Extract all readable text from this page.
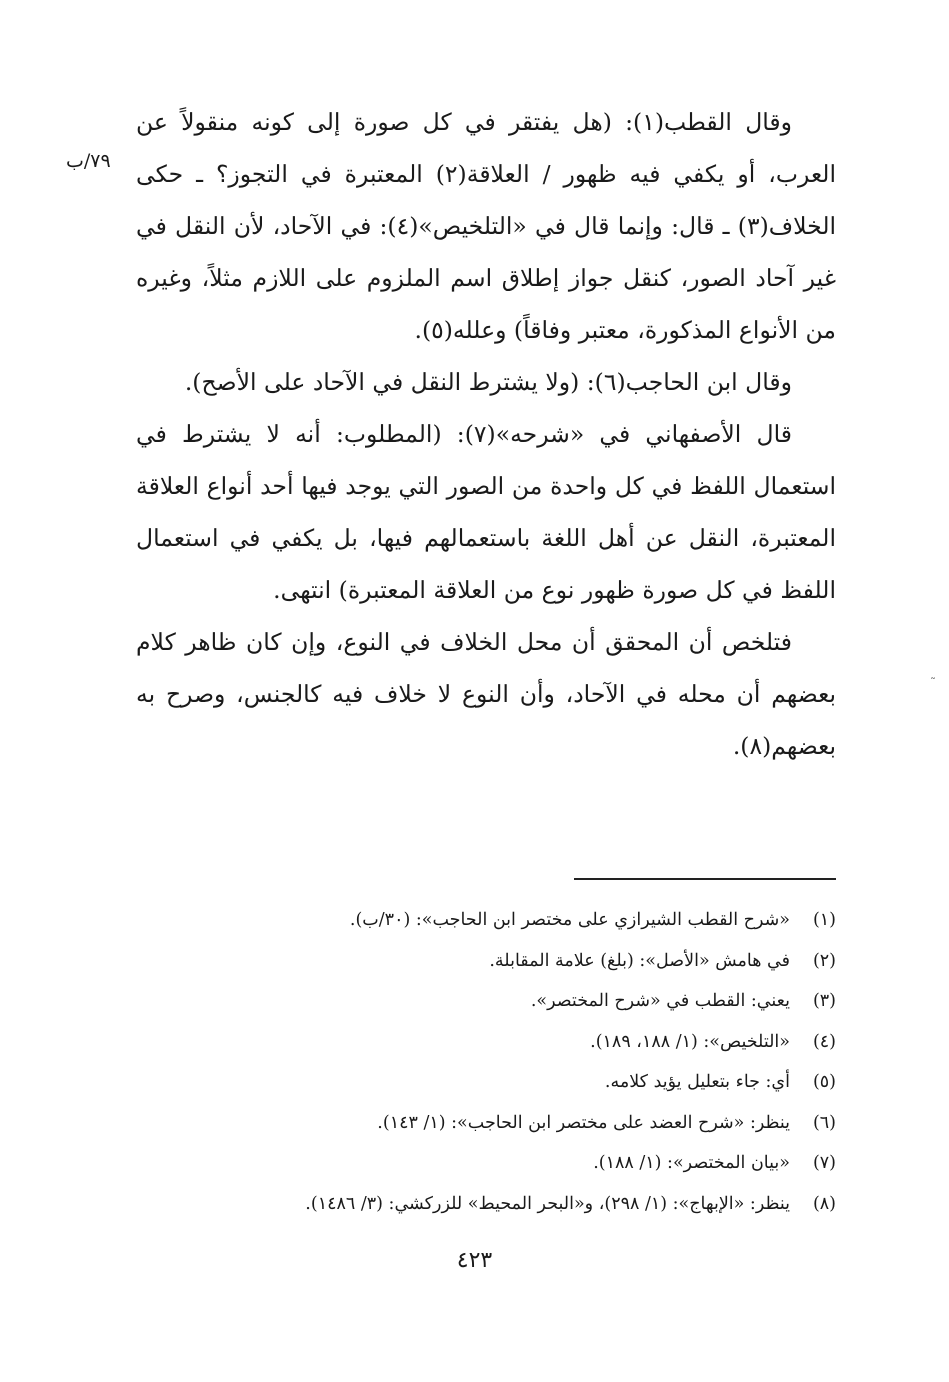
٧٩/ب

وقال القطب(١): (هل يفتقر في كل صورة إلى كونه منقولاً عن العرب، أو يكفي فيه ظهور / العلاقة(٢) المعتبرة في التجوز؟ ـ حكى الخلاف(٣) ـ قال: وإنما قال في «التلخيص»(٤): في الآحاد، لأن النقل في غير آحاد الصور، كنقل جواز إطلاق اسم الملزوم على اللازم مثلاً، وغيره من الأنواع المذكورة، معتبر وفاقاً) وعلله(٥).

وقال ابن الحاجب(٦): (ولا يشترط النقل في الآحاد على الأصح).

قال الأصفهاني في «شرحه»(٧): (المطلوب: أنه لا يشترط في استعمال اللفظ في كل واحدة من الصور التي يوجد فيها أحد أنواع العلاقة المعتبرة، النقل عن أهل اللغة باستعمالهم فيها، بل يكفي في استعمال اللفظ في كل صورة ظهور نوع من العلاقة المعتبرة) انتهى.

فتلخص أن المحقق أن محل الخلاف في النوع، وإن كان ظاهر كلام بعضهم أن محله في الآحاد، وأن النوع لا خلاف فيه كالجنس، وصرح به بعضهم(٨).

˜
(١)«شرح القطب الشيرازي على مختصر ابن الحاجب»: (٣٠/ب).
(٢)في هامش «الأصل»: (بلغ) علامة المقابلة.
(٣)يعني: القطب في «شرح المختصر».
(٤)«التلخيص»: (١/ ١٨٨، ١٨٩).
(٥)أي: جاء بتعليل يؤيد كلامه.
(٦)ينظر: «شرح العضد على مختصر ابن الحاجب»: (١/ ١٤٣).
(٧)«بيان المختصر»: (١/ ١٨٨).
(٨)ينظر: «الإبهاج»: (١/ ٢٩٨)، و«البحر المحيط» للزركشي: (٣/ ١٤٨٦).
٤٢٣
